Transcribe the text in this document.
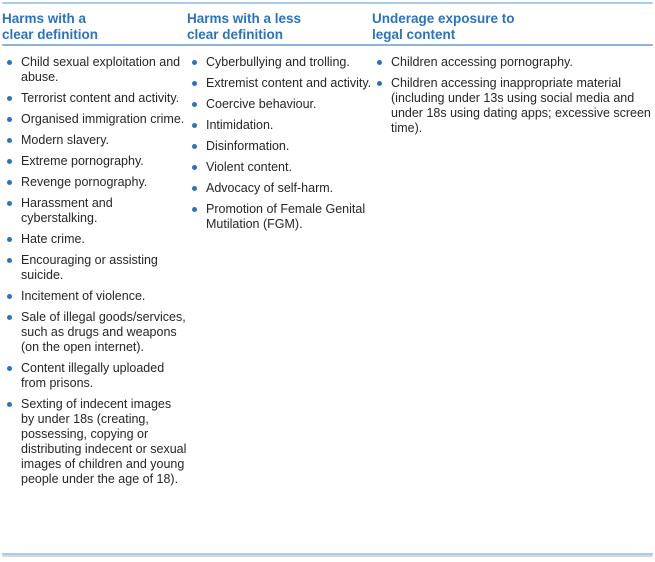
Harms with a clear definition
Child sexual exploitation and abuse.
Terrorist content and activity.
Organised immigration crime.
Modern slavery.
Extreme pornography.
Revenge pornography.
Harassment and cyberstalking.
Hate crime.
Encouraging or assisting suicide.
Incitement of violence.
Sale of illegal goods/services, such as drugs and weapons (on the open internet).
Content illegally uploaded from prisons.
Sexting of indecent images by under 18s (creating, possessing, copying or distributing indecent or sexual images of children and young people under the age of 18).
Harms with a less clear definition
Cyberbullying and trolling.
Extremist content and activity.
Coercive behaviour.
Intimidation.
Disinformation.
Violent content.
Advocacy of self-harm.
Promotion of Female Genital Mutilation (FGM).
Underage exposure to legal content
Children accessing pornography.
Children accessing inappropriate material (including under 13s using social media and under 18s using dating apps; excessive screen time).
